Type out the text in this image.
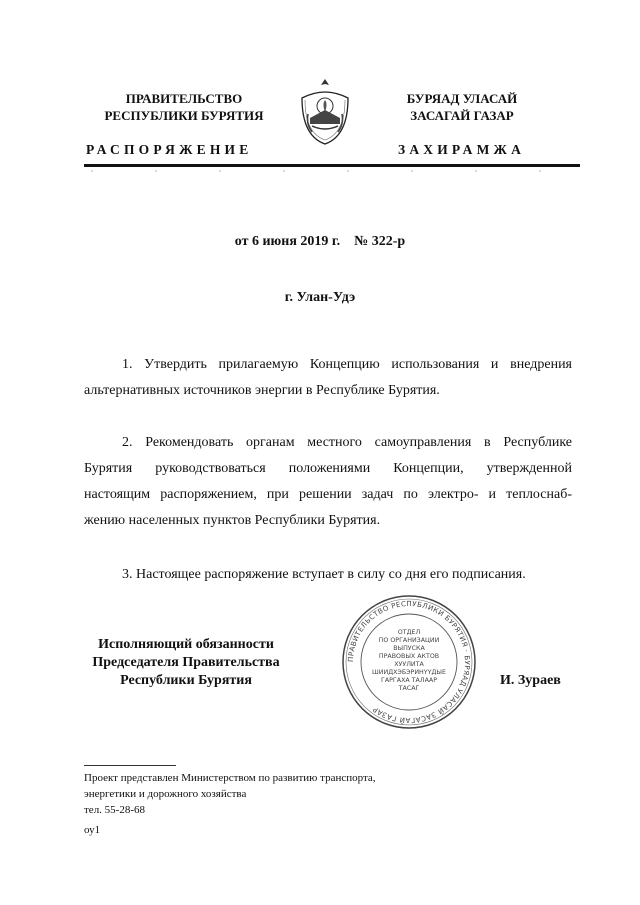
ПРАВИТЕЛЬСТВО
РЕСПУБЛИКИ БУРЯТИЯ
РАСПОРЯЖЕНИЕ
БУРЯАД УЛАСАЙ
ЗАСАГАЙ ГАЗАР
ЗАХИРАМЖА
от 6 июня 2019 г.    № 322-р
г. Улан-Удэ
1. Утвердить прилагаемую Концепцию использования и внедрения
альтернативных источников энергии в Республике Бурятия.
2. Рекомендовать органам местного самоуправления в Республике
Бурятия руководствоваться положениями Концепции, утвержденной
настоящим распоряжением, при решении задач по электро- и теплоснаб-
жению населенных пунктов Республики Бурятия.
3. Настоящее распоряжение вступает в силу со дня его подписания.
Исполняющий обязанности
Председателя Правительства
Республики Бурятия
ПРАВИТЕЛЬСТВО РЕСПУБЛИКИ БУРЯТИЯ · БУРЯАД УЛАСАЙ ЗАСАГАЙ ГАЗАР
ОТДЕЛ
ПО ОРГАНИЗАЦИИ
ВЫПУСКА
ПРАВОВЫХ АКТОВ
ХУУЛИТА
ШИИДХЭБЭРИНҮҮДЫЕ
ГАРГАХА ТАЛААР
ТАСАГ
И. Зураев
Проект представлен Министерством по развитию транспорта,
энергетики и дорожного хозяйства
тел. 55-28-68
оу1
